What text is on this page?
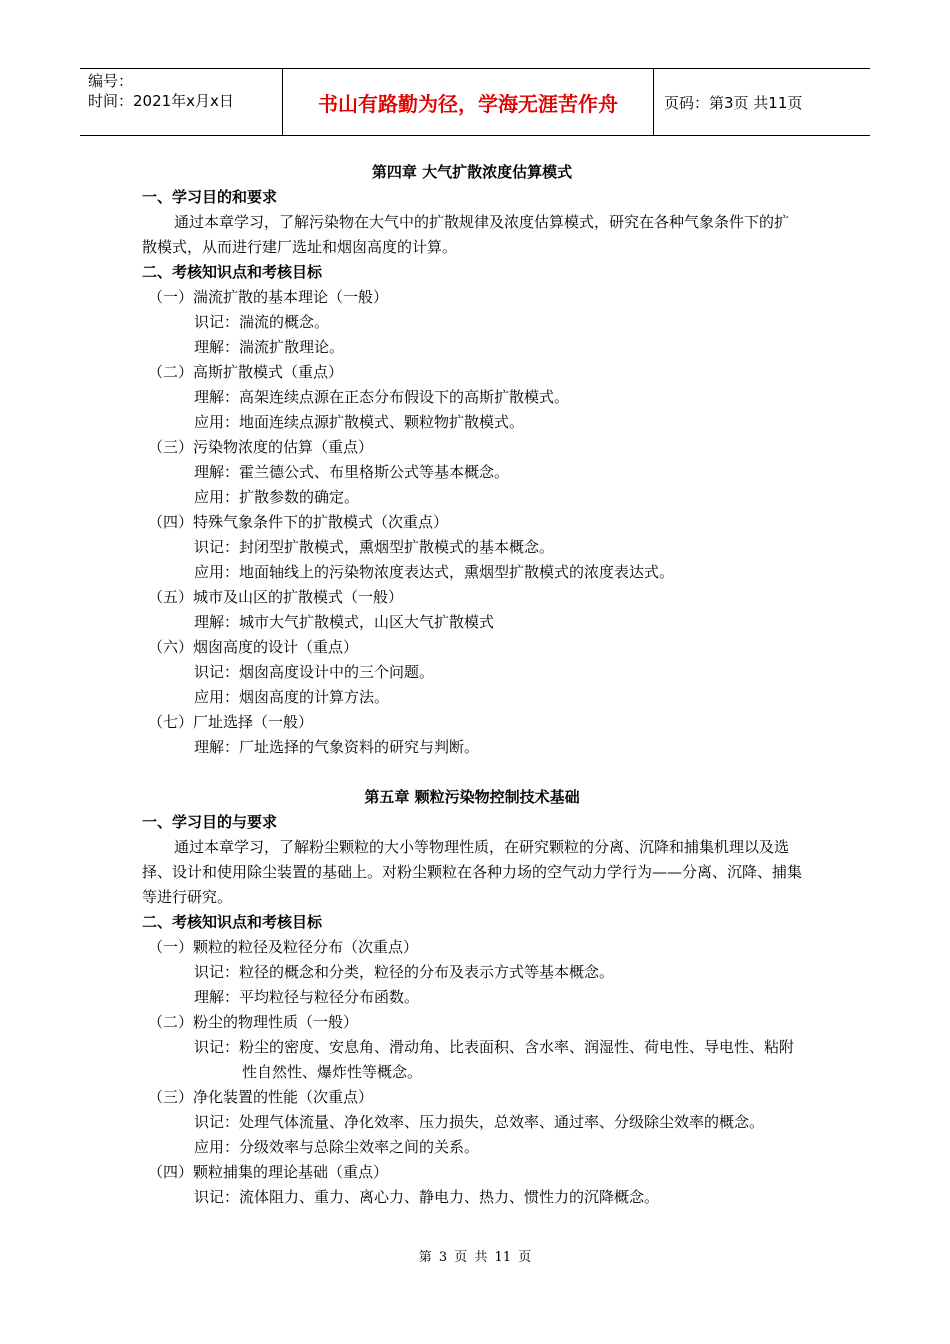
编号：
时间：2021年x月x日	书山有路勤为径，学海无涯苦作舟	页码：第3页 共11页
第四章 大气扩散浓度估算模式
一、学习目的和要求
通过本章学习，了解污染物在大气中的扩散规律及浓度估算模式，研究在各种气象条件下的扩散模式，从而进行建厂选址和烟囱高度的计算。
二、考核知识点和考核目标
（一）湍流扩散的基本理论（一般）
识记：湍流的概念。
理解：湍流扩散理论。
（二）高斯扩散模式（重点）
理解：高架连续点源在正态分布假设下的高斯扩散模式。
应用：地面连续点源扩散模式、颗粒物扩散模式。
（三）污染物浓度的估算（重点）
理解：霍兰德公式、布里格斯公式等基本概念。
应用：扩散参数的确定。
（四）特殊气象条件下的扩散模式（次重点）
识记：封闭型扩散模式，熏烟型扩散模式的基本概念。
应用：地面轴线上的污染物浓度表达式，熏烟型扩散模式的浓度表达式。
（五）城市及山区的扩散模式（一般）
理解：城市大气扩散模式，山区大气扩散模式
（六）烟囱高度的设计（重点）
识记：烟囱高度设计中的三个问题。
应用：烟囱高度的计算方法。
（七）厂址选择（一般）
理解：厂址选择的气象资料的研究与判断。
第五章 颗粒污染物控制技术基础
一、学习目的与要求
通过本章学习，了解粉尘颗粒的大小等物理性质，在研究颗粒的分离、沉降和捕集机理以及选择、设计和使用除尘装置的基础上。对粉尘颗粒在各种力场的空气动力学行为——分离、沉降、捕集等进行研究。
二、考核知识点和考核目标
（一）颗粒的粒径及粒径分布（次重点）
识记：粒径的概念和分类，粒径的分布及表示方式等基本概念。
理解：平均粒径与粒径分布函数。
（二）粉尘的物理性质（一般）
识记：粉尘的密度、安息角、滑动角、比表面积、含水率、润湿性、荷电性、导电性、粘附性自然性、爆炸性等概念。
（三）净化装置的性能（次重点）
识记：处理气体流量、净化效率、压力损失，总效率、通过率、分级除尘效率的概念。
应用：分级效率与总除尘效率之间的关系。
（四）颗粒捕集的理论基础（重点）
识记：流体阻力、重力、离心力、静电力、热力、惯性力的沉降概念。
第 3 页 共 11 页
